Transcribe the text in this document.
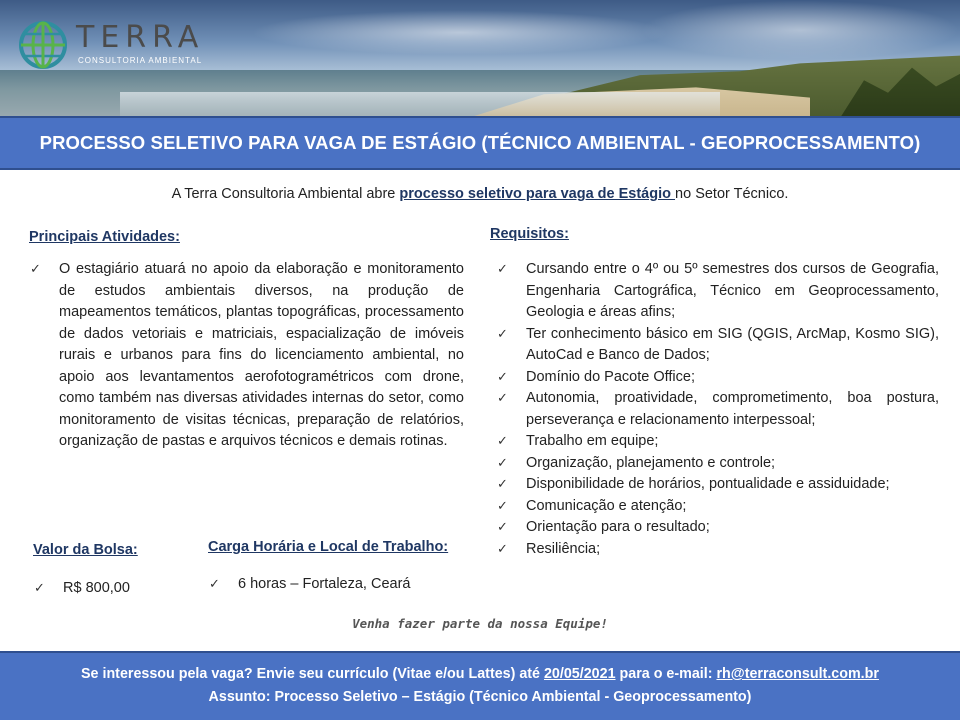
TERRA
CONSULTORIA AMBIENTAL
PROCESSO SELETIVO PARA VAGA DE ESTÁGIO (TÉCNICO AMBIENTAL - GEOPROCESSAMENTO)
A Terra Consultoria Ambiental abre processo seletivo para vaga de Estágio no Setor Técnico.
Principais Atividades:
✓ O estagiário atuará no apoio da elaboração e monitoramento de estudos ambientais diversos, na produção de mapeamentos temáticos, plantas topográficas, processamento de dados vetoriais e matriciais, espacialização de imóveis rurais e urbanos para fins do licenciamento ambiental, no apoio aos levantamentos aerofotogramétricos com drone, como também nas diversas atividades internas do setor, como monitoramento de visitas técnicas, preparação de relatórios, organização de pastas e arquivos técnicos e demais rotinas.
Requisitos:
✓ Cursando entre o 4º ou 5º semestres dos cursos de Geografia, Engenharia Cartográfica, Técnico em Geoprocessamento, Geologia e áreas afins;
✓ Ter conhecimento básico em SIG (QGIS, ArcMap, Kosmo SIG), AutoCad e Banco de Dados;
✓ Domínio do Pacote Office;
✓ Autonomia, proatividade, comprometimento, boa postura, perseverança e relacionamento interpessoal;
✓ Trabalho em equipe;
✓ Organização, planejamento e controle;
✓ Disponibilidade de horários, pontualidade e assiduidade;
✓ Comunicação e atenção;
✓ Orientação para o resultado;
✓ Resiliência;
Valor da Bolsa:
✓ R$ 800,00
Carga Horária e Local de Trabalho:
✓ 6 horas – Fortaleza, Ceará
Venha fazer parte da nossa Equipe!
Se interessou pela vaga? Envie seu currículo (Vitae e/ou Lattes) até 20/05/2021 para o e-mail: rh@terraconsult.com.br
Assunto: Processo Seletivo – Estágio (Técnico Ambiental - Geoprocessamento)
